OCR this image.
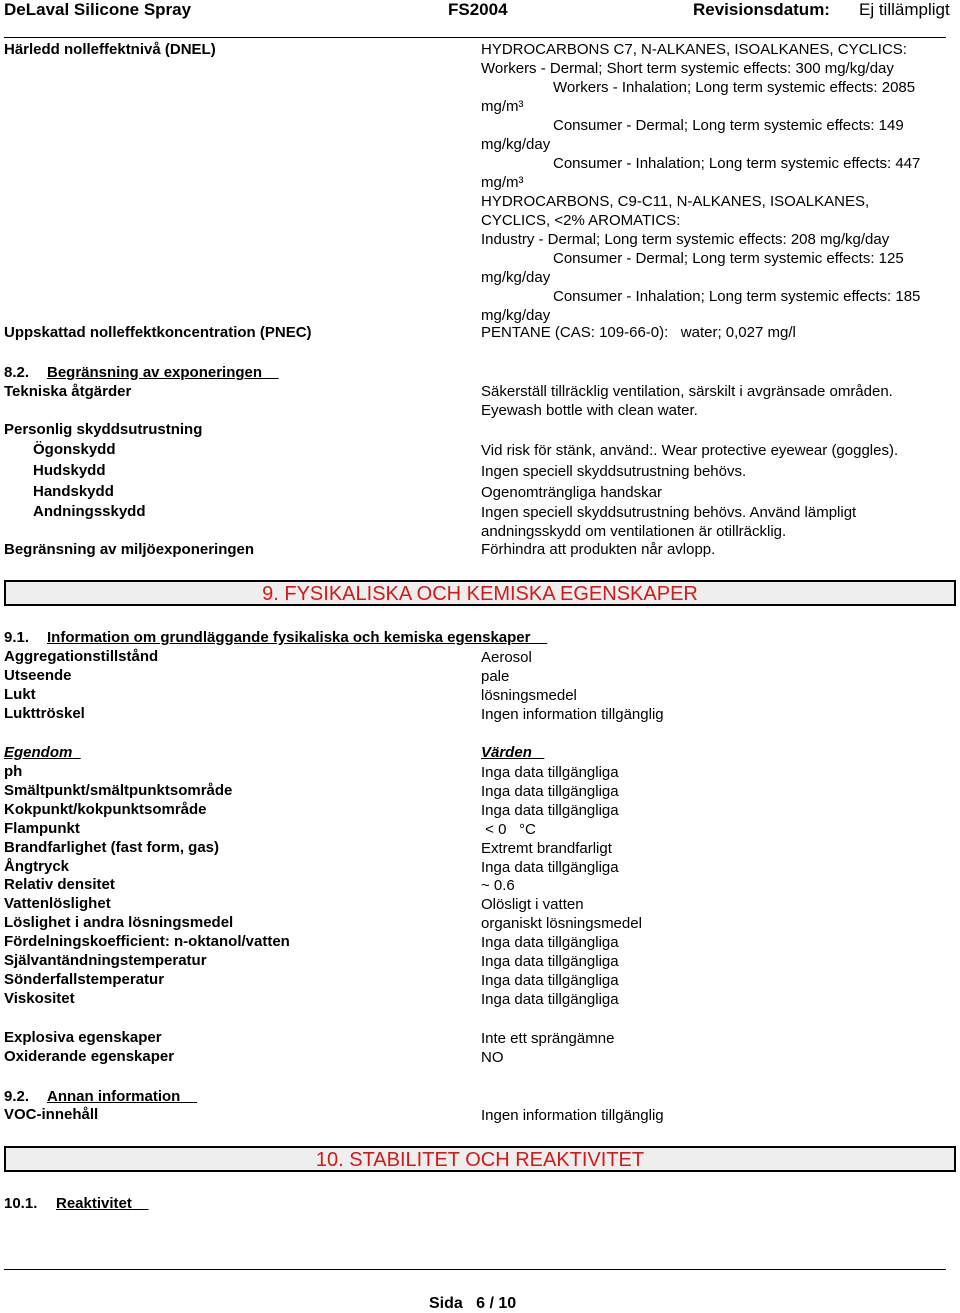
DeLaval Silicone Spray	FS2004	Revisionsdatum: Ej tillämpligt
Härledd nolleffektnivå (DNEL)	HYDROCARBONS C7, N-ALKANES, ISOALKANES, CYCLICS:
Workers - Dermal; Short term systemic effects: 300 mg/kg/day
Workers - Inhalation; Long term systemic effects: 2085
mg/m³
Consumer - Dermal; Long term systemic effects: 149
mg/kg/day
Consumer - Inhalation; Long term systemic effects: 447
mg/m³
HYDROCARBONS, C9-C11, N-ALKANES, ISOALKANES,
CYCLICS, <2% AROMATICS:
Industry - Dermal; Long term systemic effects: 208 mg/kg/day
Consumer - Dermal; Long term systemic effects: 125
mg/kg/day
Consumer - Inhalation; Long term systemic effects: 185
mg/kg/day
Uppskattad nolleffektkoncentration (PNEC)	PENTANE (CAS: 109-66-0):   water; 0,027 mg/l
8.2. Begränsning av exponeringen
Tekniska åtgärder	Säkerställ tillräcklig ventilation, särskilt i avgränsade områden.
Eyewash bottle with clean water.
Personlig skyddsutrustning
Ögonskydd	Vid risk för stänk, använd:. Wear protective eyewear (goggles).
Hudskydd	Ingen speciell skyddsutrustning behövs.
Handskydd	Ogenomträngliga handskar
Andningsskydd	Ingen speciell skyddsutrustning behövs. Använd lämpligt
andningsskydd om ventilationen är otillräcklig.
Begränsning av miljöexponeringen	Förhindra att produkten når avlopp.
9. FYSIKALISKA OCH KEMISKA EGENSKAPER
9.1. Information om grundläggande fysikaliska och kemiska egenskaper
Aggregationstillstånd	Aerosol
Utseende	pale
Lukt	lösningsmedel
Lukttröskel	Ingen information tillgänglig
Egendom	Värden
ph	Inga data tillgängliga
Smältpunkt/smältpunktsområde	Inga data tillgängliga
Kokpunkt/kokpunktsområde	Inga data tillgängliga
Flampunkt	< 0   °C
Brandfarlighet (fast form, gas)	Extremt brandfarligt
Ångtryck	Inga data tillgängliga
Relativ densitet	~ 0.6
Vattenlöslighet	Olösligt i vatten
Löslighet i andra lösningsmedel	organiskt lösningsmedel
Fördelningskoefficient: n-oktanol/vatten	Inga data tillgängliga
Självantändningstemperatur	Inga data tillgängliga
Sönderfallstemperatur	Inga data tillgängliga
Viskositet	Inga data tillgängliga
Explosiva egenskaper	Inte ett sprängämne
Oxiderande egenskaper	NO
9.2. Annan information
VOC-innehåll	Ingen information tillgänglig
10. STABILITET OCH REAKTIVITET
10.1. Reaktivitet
Sida 6 / 10
